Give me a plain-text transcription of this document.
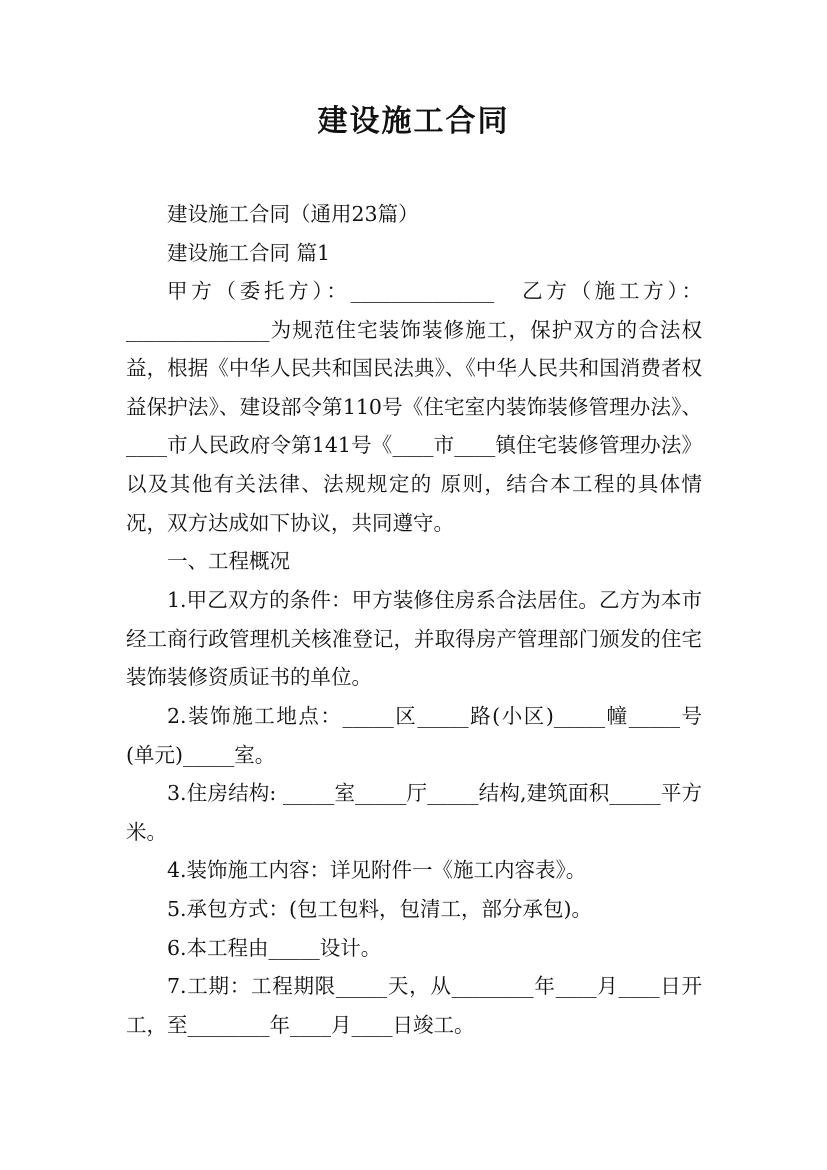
建设施工合同

建设施工合同（通用23篇）

建设施工合同 篇1

甲方（委托方）：______________　乙方（施工方）：______________为规范住宅装饰装修施工，保护双方的合法权益，根据《中华人民共和国民法典》、《中华人民共和国消费者权益保护法》、建设部令第110号《住宅室内装饰装修管理办法》、____市人民政府令第141号《____市____镇住宅装修管理办法》以及其他有关法律、法规规定的 原则，结合本工程的具体情况，双方达成如下协议，共同遵守。

一、工程概况

1.甲乙双方的条件：甲方装修住房系合法居住。乙方为本市经工商行政管理机关核准登记，并取得房产管理部门颁发的住宅装饰装修资质证书的单位。

2.装饰施工地点：_____区_____路(小区)_____幢_____号(单元)_____室。

3.住房结构: _____室_____厅_____结构,建筑面积_____平方米。

4.装饰施工内容：详见附件一《施工内容表》。

5.承包方式：(包工包料，包清工，部分承包)。

6.本工程由_____设计。

7.工期：工程期限_____天，从________年____月____日开工，至________年____月____日竣工。
